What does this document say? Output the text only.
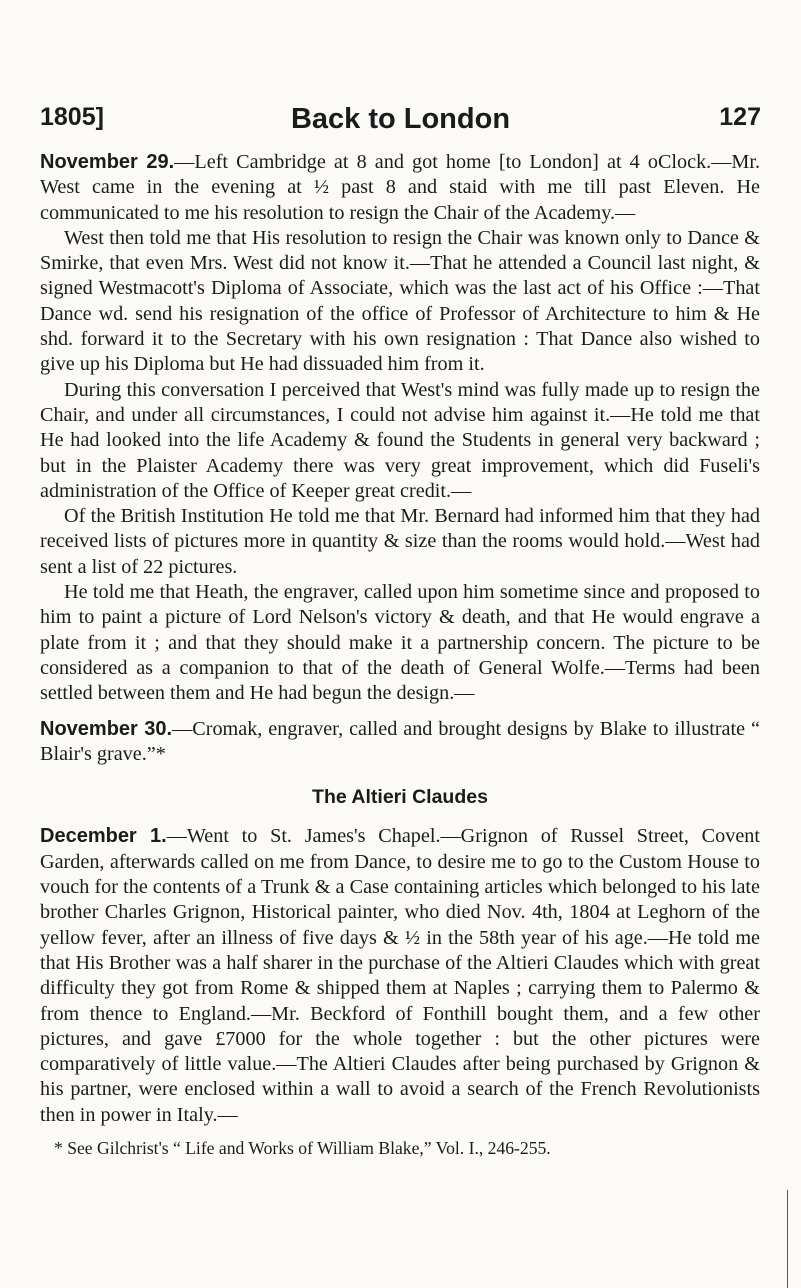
1805]	Back to London	127

November 29.—Left Cambridge at 8 and got home [to London] at 4 oClock.—Mr. West came in the evening at ½ past 8 and staid with me till past Eleven. He communicated to me his resolution to resign the Chair of the Academy.—

West then told me that His resolution to resign the Chair was known only to Dance & Smirke, that even Mrs. West did not know it.—That he attended a Council last night, & signed Westmacott's Diploma of Associate, which was the last act of his Office :—That Dance wd. send his resignation of the office of Professor of Architecture to him & He shd. forward it to the Secretary with his own resignation : That Dance also wished to give up his Diploma but He had dissuaded him from it.

During this conversation I perceived that West's mind was fully made up to resign the Chair, and under all circumstances, I could not advise him against it.—He told me that He had looked into the life Academy & found the Students in general very backward ; but in the Plaister Academy there was very great improvement, which did Fuseli's administration of the Office of Keeper great credit.—

Of the British Institution He told me that Mr. Bernard had informed him that they had received lists of pictures more in quantity & size than the rooms would hold.—West had sent a list of 22 pictures.

He told me that Heath, the engraver, called upon him sometime since and proposed to him to paint a picture of Lord Nelson's victory & death, and that He would engrave a plate from it ; and that they should make it a partnership concern. The picture to be considered as a companion to that of the death of General Wolfe.—Terms had been settled between them and He had begun the design.—

November 30.—Cromak, engraver, called and brought designs by Blake to illustrate “ Blair's grave.”*

The Altieri Claudes

December 1.—Went to St. James's Chapel.—Grignon of Russel Street, Covent Garden, afterwards called on me from Dance, to desire me to go to the Custom House to vouch for the contents of a Trunk & a Case containing articles which belonged to his late brother Charles Grignon, Historical painter, who died Nov. 4th, 1804 at Leghorn of the yellow fever, after an illness of five days & ½ in the 58th year of his age.—He told me that His Brother was a half sharer in the purchase of the Altieri Claudes which with great difficulty they got from Rome & shipped them at Naples ; carrying them to Palermo & from thence to England.—Mr. Beckford of Fonthill bought them, and a few other pictures, and gave £7000 for the whole together : but the other pictures were comparatively of little value.—The Altieri Claudes after being purchased by Grignon & his partner, were enclosed within a wall to avoid a search of the French Revolutionists then in power in Italy.—

* See Gilchrist's “ Life and Works of William Blake,” Vol. I., 246-255.
